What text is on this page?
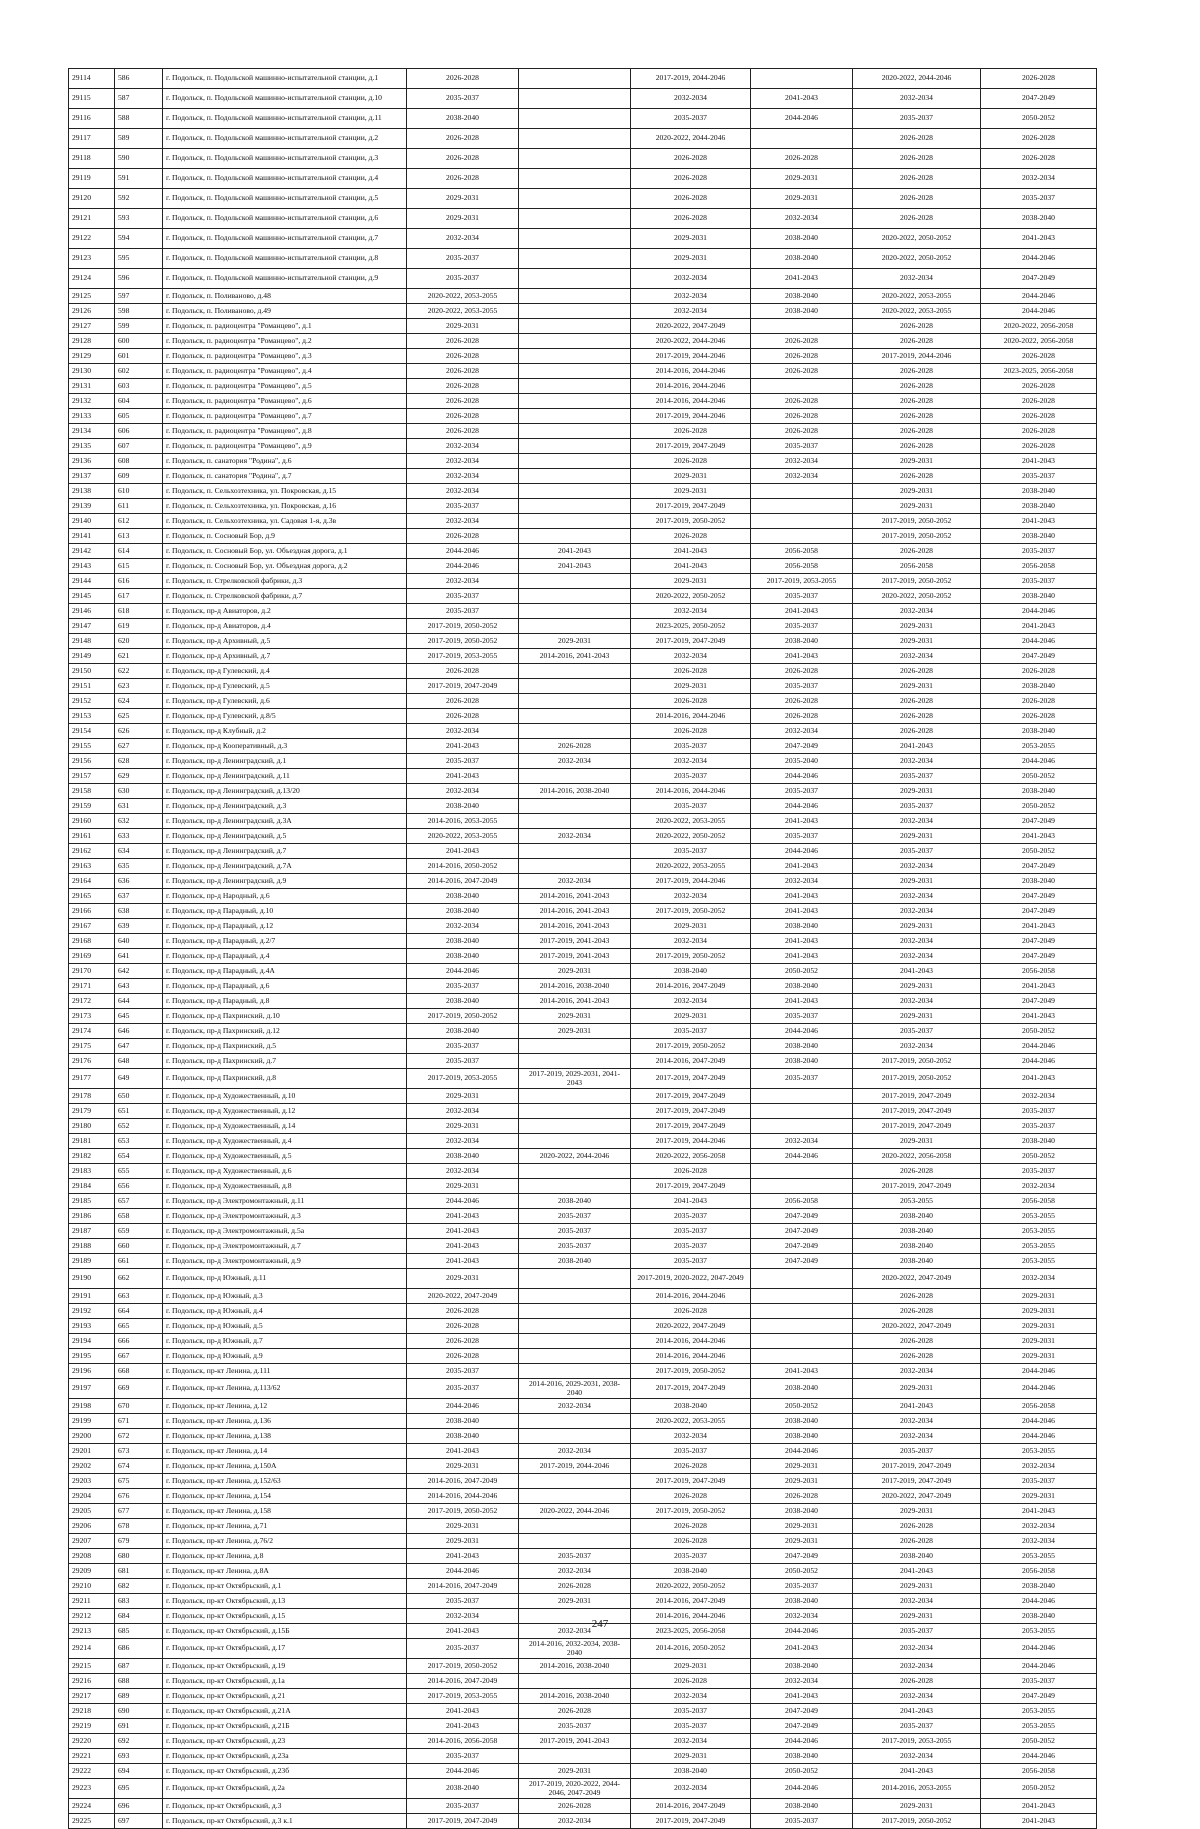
29114	586	г. Подольск, п. Подольской машинно-испытательной станции, д.1	2026-2028		2017-2019, 2044-2046		2020-2022, 2044-2046	2026-2028
29115	587	г. Подольск, п. Подольской машинно-испытательной станции, д.10	2035-2037		2032-2034	2041-2043	2032-2034	2047-2049
29116	588	г. Подольск, п. Подольской машинно-испытательной станции, д.11	2038-2040		2035-2037	2044-2046	2035-2037	2050-2052
29117	589	г. Подольск, п. Подольской машинно-испытательной станции, д.2	2026-2028		2020-2022, 2044-2046		2026-2028	2026-2028
29118	590	г. Подольск, п. Подольской машинно-испытательной станции, д.3	2026-2028		2026-2028	2026-2028	2026-2028	2026-2028
29119	591	г. Подольск, п. Подольской машинно-испытательной станции, д.4	2026-2028		2026-2028	2029-2031	2026-2028	2032-2034
29120	592	г. Подольск, п. Подольской машинно-испытательной станции, д.5	2029-2031		2026-2028	2029-2031	2026-2028	2035-2037
29121	593	г. Подольск, п. Подольской машинно-испытательной станции, д.6	2029-2031		2026-2028	2032-2034	2026-2028	2038-2040
29122	594	г. Подольск, п. Подольской машинно-испытательной станции, д.7	2032-2034		2029-2031	2038-2040	2020-2022, 2050-2052	2041-2043
29123	595	г. Подольск, п. Подольской машинно-испытательной станции, д.8	2035-2037		2029-2031	2038-2040	2020-2022, 2050-2052	2044-2046
29124	596	г. Подольск, п. Подольской машинно-испытательной станции, д.9	2035-2037		2032-2034	2041-2043	2032-2034	2047-2049
29125	597	г. Подольск, п. Поливаново, д.48	2020-2022, 2053-2055		2032-2034	2038-2040	2020-2022, 2053-2055	2044-2046
29126	598	г. Подольск, п. Поливаново, д.49	2020-2022, 2053-2055		2032-2034	2038-2040	2020-2022, 2053-2055	2044-2046
29127	599	г. Подольск, п. радиоцентра "Романцево", д.1	2029-2031		2020-2022, 2047-2049		2026-2028	2020-2022, 2056-2058
29128	600	г. Подольск, п. радиоцентра "Романцево", д.2	2026-2028		2020-2022, 2044-2046	2026-2028	2026-2028	2020-2022, 2056-2058
29129	601	г. Подольск, п. радиоцентра "Романцево", д.3	2026-2028		2017-2019, 2044-2046	2026-2028	2017-2019, 2044-2046	2026-2028
29130	602	г. Подольск, п. радиоцентра "Романцево", д.4	2026-2028		2014-2016, 2044-2046	2026-2028	2026-2028	2023-2025, 2056-2058
29131	603	г. Подольск, п. радиоцентра "Романцево", д.5	2026-2028		2014-2016, 2044-2046		2026-2028	2026-2028
29132	604	г. Подольск, п. радиоцентра "Романцево", д.6	2026-2028		2014-2016, 2044-2046	2026-2028	2026-2028	2026-2028
29133	605	г. Подольск, п. радиоцентра "Романцево", д.7	2026-2028		2017-2019, 2044-2046	2026-2028	2026-2028	2026-2028
29134	606	г. Подольск, п. радиоцентра "Романцево", д.8	2026-2028		2026-2028	2026-2028	2026-2028	2026-2028
29135	607	г. Подольск, п. радиоцентра "Романцево", д.9	2032-2034		2017-2019, 2047-2049	2035-2037	2026-2028	2026-2028
29136	608	г. Подольск, п. санатория "Родина", д.6	2032-2034		2026-2028	2032-2034	2029-2031	2041-2043
29137	609	г. Подольск, п. санатория "Родина", д.7	2032-2034		2029-2031	2032-2034	2026-2028	2035-2037
29138	610	г. Подольск, п. Сельхозтехника, ул. Покровская, д.15	2032-2034		2029-2031		2029-2031	2038-2040
29139	611	г. Подольск, п. Сельхозтехника, ул. Покровская, д.16	2035-2037		2017-2019, 2047-2049		2029-2031	2038-2040
29140	612	г. Подольск, п. Сельхозтехника, ул. Садовая 1-я, д.3в	2032-2034		2017-2019, 2050-2052		2017-2019, 2050-2052	2041-2043
29141	613	г. Подольск, п. Сосновый Бор, д.9	2026-2028		2026-2028		2017-2019, 2050-2052	2038-2040
29142	614	г. Подольск, п. Сосновый Бор, ул. Объездная дорога, д.1	2044-2046	2041-2043	2041-2043	2056-2058	2026-2028	2035-2037
29143	615	г. Подольск, п. Сосновый Бор, ул. Объездная дорога, д.2	2044-2046	2041-2043	2041-2043	2056-2058	2056-2058	2056-2058
29144	616	г. Подольск, п. Стрелковской фабрики, д.3	2032-2034		2029-2031	2017-2019, 2053-2055	2017-2019, 2050-2052	2035-2037
29145	617	г. Подольск, п. Стрелковской фабрики, д.7	2035-2037		2020-2022, 2050-2052	2035-2037	2020-2022, 2050-2052	2038-2040
29146	618	г. Подольск, пр-д Авиаторов, д.2	2035-2037		2032-2034	2041-2043	2032-2034	2044-2046
29147	619	г. Подольск, пр-д Авиаторов, д.4	2017-2019, 2050-2052		2023-2025, 2050-2052	2035-2037	2029-2031	2041-2043
29148	620	г. Подольск, пр-д Архивный, д.5	2017-2019, 2050-2052	2029-2031	2017-2019, 2047-2049	2038-2040	2029-2031	2044-2046
29149	621	г. Подольск, пр-д Архивный, д.7	2017-2019, 2053-2055	2014-2016, 2041-2043	2032-2034	2041-2043	2032-2034	2047-2049
29150	622	г. Подольск, пр-д Гулевский, д.4	2026-2028		2026-2028	2026-2028	2026-2028	2026-2028
29151	623	г. Подольск, пр-д Гулевский, д.5	2017-2019, 2047-2049		2029-2031	2035-2037	2029-2031	2038-2040
29152	624	г. Подольск, пр-д Гулевский, д.6	2026-2028		2026-2028	2026-2028	2026-2028	2026-2028
29153	625	г. Подольск, пр-д Гулевский, д.8/5	2026-2028		2014-2016, 2044-2046	2026-2028	2026-2028	2026-2028
29154	626	г. Подольск, пр-д Клубный, д.2	2032-2034		2026-2028	2032-2034	2026-2028	2038-2040
29155	627	г. Подольск, пр-д Кооперативный, д.3	2041-2043	2026-2028	2035-2037	2047-2049	2041-2043	2053-2055
29156	628	г. Подольск, пр-д Ленинградский, д.1	2035-2037	2032-2034	2032-2034	2035-2040	2032-2034	2044-2046
29157	629	г. Подольск, пр-д Ленинградский, д.11	2041-2043		2035-2037	2044-2046	2035-2037	2050-2052
29158	630	г. Подольск, пр-д Ленинградский, д.13/20	2032-2034	2014-2016, 2038-2040	2014-2016, 2044-2046	2035-2037	2029-2031	2038-2040
29159	631	г. Подольск, пр-д Ленинградский, д.3	2038-2040		2035-2037	2044-2046	2035-2037	2050-2052
29160	632	г. Подольск, пр-д Ленинградский, д.3А	2014-2016, 2053-2055		2020-2022, 2053-2055	2041-2043	2032-2034	2047-2049
29161	633	г. Подольск, пр-д Ленинградский, д.5	2020-2022, 2053-2055	2032-2034	2020-2022, 2050-2052	2035-2037	2029-2031	2041-2043
29162	634	г. Подольск, пр-д Ленинградский, д.7	2041-2043		2035-2037	2044-2046	2035-2037	2050-2052
29163	635	г. Подольск, пр-д Ленинградский, д.7А	2014-2016, 2050-2052		2020-2022, 2053-2055	2041-2043	2032-2034	2047-2049
29164	636	г. Подольск, пр-д Ленинградский, д.9	2014-2016, 2047-2049	2032-2034	2017-2019, 2044-2046	2032-2034	2029-2031	2038-2040
29165	637	г. Подольск, пр-д Народный, д.6	2038-2040	2014-2016, 2041-2043	2032-2034	2041-2043	2032-2034	2047-2049
29166	638	г. Подольск, пр-д Парадный, д.10	2038-2040	2014-2016, 2041-2043	2017-2019, 2050-2052	2041-2043	2032-2034	2047-2049
29167	639	г. Подольск, пр-д Парадный, д.12	2032-2034	2014-2016, 2041-2043	2029-2031	2038-2040	2029-2031	2041-2043
29168	640	г. Подольск, пр-д Парадный, д.2/7	2038-2040	2017-2019, 2041-2043	2032-2034	2041-2043	2032-2034	2047-2049
29169	641	г. Подольск, пр-д Парадный, д.4	2038-2040	2017-2019, 2041-2043	2017-2019, 2050-2052	2041-2043	2032-2034	2047-2049
29170	642	г. Подольск, пр-д Парадный, д.4А	2044-2046	2029-2031	2038-2040	2050-2052	2041-2043	2056-2058
29171	643	г. Подольск, пр-д Парадный, д.6	2035-2037	2014-2016, 2038-2040	2014-2016, 2047-2049	2038-2040	2029-2031	2041-2043
29172	644	г. Подольск, пр-д Парадный, д.8	2038-2040	2014-2016, 2041-2043	2032-2034	2041-2043	2032-2034	2047-2049
29173	645	г. Подольск, пр-д Пахринский, д.10	2017-2019, 2050-2052	2029-2031	2029-2031	2035-2037	2029-2031	2041-2043
29174	646	г. Подольск, пр-д Пахринский, д.12	2038-2040	2029-2031	2035-2037	2044-2046	2035-2037	2050-2052
29175	647	г. Подольск, пр-д Пахринский, д.5	2035-2037		2017-2019, 2050-2052	2038-2040	2032-2034	2044-2046
29176	648	г. Подольск, пр-д Пахринский, д.7	2035-2037		2014-2016, 2047-2049	2038-2040	2017-2019, 2050-2052	2044-2046
29177	649	г. Подольск, пр-д Пахринский, д.8	2017-2019, 2053-2055	2017-2019, 2029-2031, 2041-2043	2017-2019, 2047-2049	2035-2037	2017-2019, 2050-2052	2041-2043
29178	650	г. Подольск, пр-д Художественный, д.10	2029-2031		2017-2019, 2047-2049		2017-2019, 2047-2049	2032-2034
29179	651	г. Подольск, пр-д Художественный, д.12	2032-2034		2017-2019, 2047-2049		2017-2019, 2047-2049	2035-2037
29180	652	г. Подольск, пр-д Художественный, д.14	2029-2031		2017-2019, 2047-2049		2017-2019, 2047-2049	2035-2037
29181	653	г. Подольск, пр-д Художественный, д.4	2032-2034		2017-2019, 2044-2046	2032-2034	2029-2031	2038-2040
29182	654	г. Подольск, пр-д Художественный, д.5	2038-2040	2020-2022, 2044-2046	2020-2022, 2056-2058	2044-2046	2020-2022, 2056-2058	2050-2052
29183	655	г. Подольск, пр-д Художественный, д.6	2032-2034		2026-2028		2026-2028	2035-2037
29184	656	г. Подольск, пр-д Художественный, д.8	2029-2031		2017-2019, 2047-2049		2017-2019, 2047-2049	2032-2034
29185	657	г. Подольск, пр-д Электромонтажный, д.11	2044-2046	2038-2040	2041-2043	2056-2058	2053-2055	2056-2058
29186	658	г. Подольск, пр-д Электромонтажный, д.3	2041-2043	2035-2037	2035-2037	2047-2049	2038-2040	2053-2055
29187	659	г. Подольск, пр-д Электромонтажный, д.5а	2041-2043	2035-2037	2035-2037	2047-2049	2038-2040	2053-2055
29188	660	г. Подольск, пр-д Электромонтажный, д.7	2041-2043	2035-2037	2035-2037	2047-2049	2038-2040	2053-2055
29189	661	г. Подольск, пр-д Электромонтажный, д.9	2041-2043	2038-2040	2035-2037	2047-2049	2038-2040	2053-2055
29190	662	г. Подольск, пр-д Южный, д.11	2029-2031		2017-2019, 2020-2022, 2047-2049		2020-2022, 2047-2049	2032-2034
29191	663	г. Подольск, пр-д Южный, д.3	2020-2022, 2047-2049		2014-2016, 2044-2046		2026-2028	2029-2031
29192	664	г. Подольск, пр-д Южный, д.4	2026-2028		2026-2028		2026-2028	2029-2031
29193	665	г. Подольск, пр-д Южный, д.5	2026-2028		2020-2022, 2047-2049		2020-2022, 2047-2049	2029-2031
29194	666	г. Подольск, пр-д Южный, д.7	2026-2028		2014-2016, 2044-2046		2026-2028	2029-2031
29195	667	г. Подольск, пр-д Южный, д.9	2026-2028		2014-2016, 2044-2046		2026-2028	2029-2031
29196	668	г. Подольск, пр-кт Ленина, д.111	2035-2037		2017-2019, 2050-2052	2041-2043	2032-2034	2044-2046
29197	669	г. Подольск, пр-кт Ленина, д.113/62	2035-2037	2014-2016, 2029-2031, 2038-2040	2017-2019, 2047-2049	2038-2040	2029-2031	2044-2046
29198	670	г. Подольск, пр-кт Ленина, д.12	2044-2046	2032-2034	2038-2040	2050-2052	2041-2043	2056-2058
29199	671	г. Подольск, пр-кт Ленина, д.136	2038-2040		2020-2022, 2053-2055	2038-2040	2032-2034	2044-2046
29200	672	г. Подольск, пр-кт Ленина, д.138	2038-2040		2032-2034	2038-2040	2032-2034	2044-2046
29201	673	г. Подольск, пр-кт Ленина, д.14	2041-2043	2032-2034	2035-2037	2044-2046	2035-2037	2053-2055
29202	674	г. Подольск, пр-кт Ленина, д.150А	2029-2031	2017-2019, 2044-2046	2026-2028	2029-2031	2017-2019, 2047-2049	2032-2034
29203	675	г. Подольск, пр-кт Ленина, д.152/63	2014-2016, 2047-2049		2017-2019, 2047-2049	2029-2031	2017-2019, 2047-2049	2035-2037
29204	676	г. Подольск, пр-кт Ленина, д.154	2014-2016, 2044-2046		2026-2028	2026-2028	2020-2022, 2047-2049	2029-2031
29205	677	г. Подольск, пр-кт Ленина, д.158	2017-2019, 2050-2052	2020-2022, 2044-2046	2017-2019, 2050-2052	2038-2040	2029-2031	2041-2043
29206	678	г. Подольск, пр-кт Ленина, д.71	2029-2031		2026-2028	2029-2031	2026-2028	2032-2034
29207	679	г. Подольск, пр-кт Ленина, д.76/2	2029-2031		2026-2028	2029-2031	2026-2028	2032-2034
29208	680	г. Подольск, пр-кт Ленина, д.8	2041-2043	2035-2037	2035-2037	2047-2049	2038-2040	2053-2055
29209	681	г. Подольск, пр-кт Ленина, д.8А	2044-2046	2032-2034	2038-2040	2050-2052	2041-2043	2056-2058
29210	682	г. Подольск, пр-кт Октябрьский, д.1	2014-2016, 2047-2049	2026-2028	2020-2022, 2050-2052	2035-2037	2029-2031	2038-2040
29211	683	г. Подольск, пр-кт Октябрьский, д.13	2035-2037	2029-2031	2014-2016, 2047-2049	2038-2040	2032-2034	2044-2046
29212	684	г. Подольск, пр-кт Октябрьский, д.15	2032-2034		2014-2016, 2044-2046	2032-2034	2029-2031	2038-2040
29213	685	г. Подольск, пр-кт Октябрьский, д.15Б	2041-2043	2032-2034	2023-2025, 2056-2058	2044-2046	2035-2037	2053-2055
29214	686	г. Подольск, пр-кт Октябрьский, д.17	2035-2037	2014-2016, 2032-2034, 2038-2040	2014-2016, 2050-2052	2041-2043	2032-2034	2044-2046
29215	687	г. Подольск, пр-кт Октябрьский, д.19	2017-2019, 2050-2052	2014-2016, 2038-2040	2029-2031	2038-2040	2032-2034	2044-2046
29216	688	г. Подольск, пр-кт Октябрьский, д.1а	2014-2016, 2047-2049		2026-2028	2032-2034	2026-2028	2035-2037
29217	689	г. Подольск, пр-кт Октябрьский, д.21	2017-2019, 2053-2055	2014-2016, 2038-2040	2032-2034	2041-2043	2032-2034	2047-2049
29218	690	г. Подольск, пр-кт Октябрьский, д.21А	2041-2043	2026-2028	2035-2037	2047-2049	2041-2043	2053-2055
29219	691	г. Подольск, пр-кт Октябрьский, д.21Б	2041-2043	2035-2037	2035-2037	2047-2049	2035-2037	2053-2055
29220	692	г. Подольск, пр-кт Октябрьский, д.23	2014-2016, 2056-2058	2017-2019, 2041-2043	2032-2034	2044-2046	2017-2019, 2053-2055	2050-2052
29221	693	г. Подольск, пр-кт Октябрьский, д.23а	2035-2037		2029-2031	2038-2040	2032-2034	2044-2046
29222	694	г. Подольск, пр-кт Октябрьский, д.23б	2044-2046	2029-2031	2038-2040	2050-2052	2041-2043	2056-2058
29223	695	г. Подольск, пр-кт Октябрьский, д.2а	2038-2040	2017-2019, 2020-2022, 2044-2046, 2047-2049	2032-2034	2044-2046	2014-2016, 2053-2055	2050-2052
29224	696	г. Подольск, пр-кт Октябрьский, д.3	2035-2037	2026-2028	2014-2016, 2047-2049	2038-2040	2029-2031	2041-2043
29225	697	г. Подольск, пр-кт Октябрьский, д.3 к.1	2017-2019, 2047-2049	2032-2034	2017-2019, 2047-2049	2035-2037	2017-2019, 2050-2052	2041-2043
247
